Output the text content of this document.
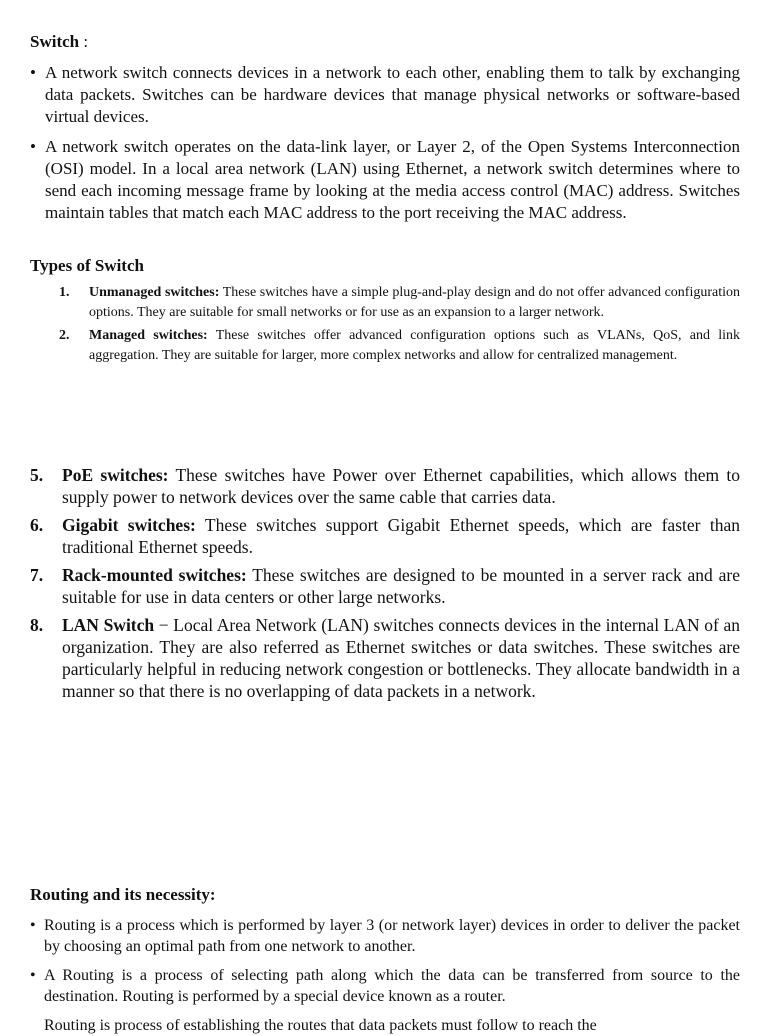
Switch :
• A network switch connects devices in a network to each other, enabling them to talk by exchanging data packets. Switches can be hardware devices that manage physical networks or software-based virtual devices.
• A network switch operates on the data-link layer, or Layer 2, of the Open Systems Interconnection (OSI) model. In a local area network (LAN) using Ethernet, a network switch determines where to send each incoming message frame by looking at the media access control (MAC) address. Switches maintain tables that match each MAC address to the port receiving the MAC address.
Types of Switch
1. Unmanaged switches: These switches have a simple plug-and-play design and do not offer advanced configuration options. They are suitable for small networks or for use as an expansion to a larger network.
2. Managed switches: These switches offer advanced configuration options such as VLANs, QoS, and link aggregation. They are suitable for larger, more complex networks and allow for centralized management.
5. PoE switches: These switches have Power over Ethernet capabilities, which allows them to supply power to network devices over the same cable that carries data.
6. Gigabit switches: These switches support Gigabit Ethernet speeds, which are faster than traditional Ethernet speeds.
7. Rack-mounted switches: These switches are designed to be mounted in a server rack and are suitable for use in data centers or other large networks.
8. LAN Switch − Local Area Network (LAN) switches connects devices in the internal LAN of an organization. They are also referred as Ethernet switches or data switches. These switches are particularly helpful in reducing network congestion or bottlenecks. They allocate bandwidth in a manner so that there is no overlapping of data packets in a network.
Routing and its necessity:
• Routing is a process which is performed by layer 3 (or network layer) devices in order to deliver the packet by choosing an optimal path from one network to another.
• A Routing is a process of selecting path along which the data can be transferred from source to the destination. Routing is performed by a special device known as a router.
Routing is process of establishing the routes that data packets must follow to reach the
